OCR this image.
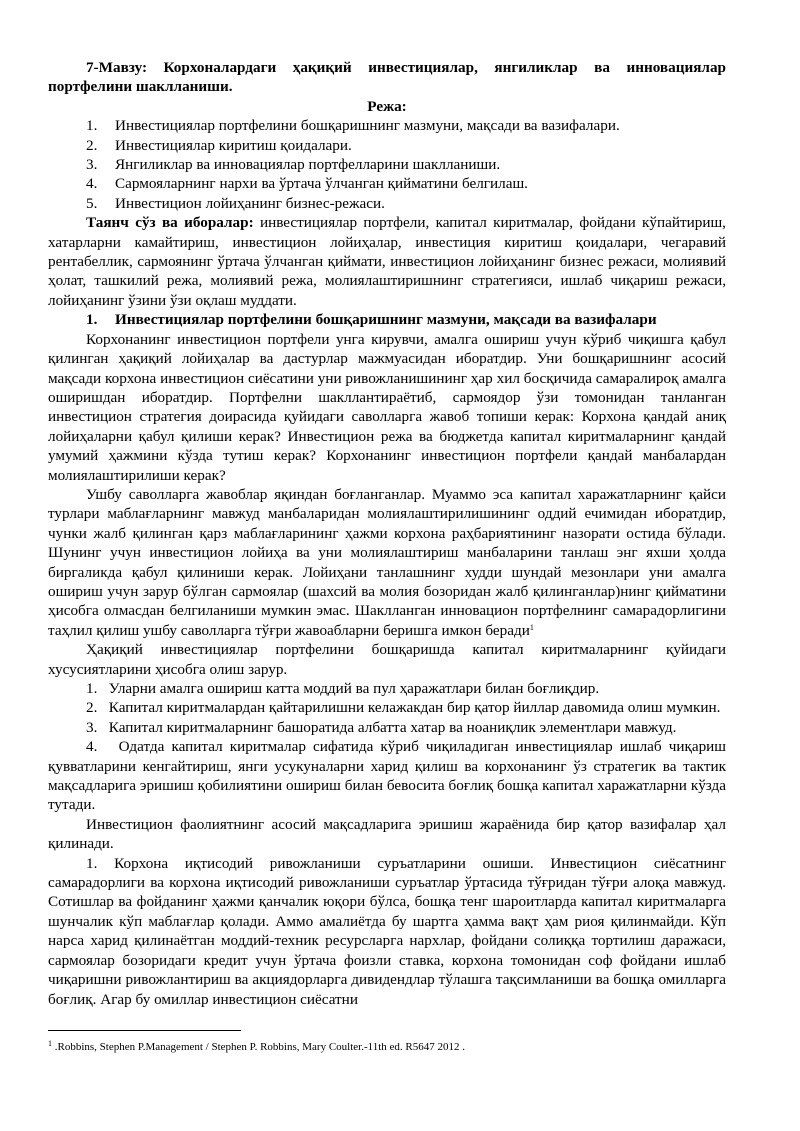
7-Мавзу: Корхоналардаги ҳақиқий инвестициялар, янгиликлар ва инновациялар портфелини шаклланиши.

Режа:

1.	Инвестициялар портфелини бошқаришнинг мазмуни, мақсади ва вазифалари.
2.	Инвестициялар киритиш қоидалари.
3.	Янгиликлар ва инновациялар портфелларини шаклланиши.
4.	Сармояларнинг нархи ва ўртача ўлчанган қийматини белгилаш.
5.	Инвестицион лойиҳанинг бизнес-режаси.

Таянч сўз ва иборалар: инвестициялар портфели, капитал киритмалар, фойдани кўпайтириш, хатарларни камайтириш, инвестицион лойиҳалар, инвестиция киритиш қоидалари, чегаравий рентабеллик, сармоянинг ўртача ўлчанган қиймати, инвестицион лойиҳанинг бизнес режаси, молиявий ҳолат, ташкилий режа, молиявий режа, молиялаштиришнинг стратегияси, ишлаб чиқариш режаси, лойиҳанинг ўзини ўзи оқлаш муддати.

1.	Инвестициялар портфелини бошқаришнинг мазмуни, мақсади ва вазифалари

Корхонанинг инвестицион портфели унга кирувчи, амалга ошириш учун кўриб чиқишга қабул қилинган ҳақиқий лойиҳалар ва дастурлар мажмуасидан иборатдир. Уни бошқаришнинг асосий мақсади корхона инвестицион сиёсатини уни ривожланишининг ҳар хил босқичида самаралироқ амалга оширишдан иборатдир. Портфелни шакллантираётиб, сармоядор ўзи томонидан танланган инвестицион стратегия доирасида қуйидаги саволларга жавоб топиши керак: Корхона қандай аниқ лойиҳаларни қабул қилиши керак? Инвестицион режа ва бюджетда капитал киритмаларнинг қандай умумий ҳажмини кўзда тутиш керак? Корхонанинг инвестицион портфели қандай манбалардан молиялаштирилиши керак?

Ушбу саволларга жавоблар яқиндан боғланганлар. Муаммо эса капитал харажатларнинг қайси турлари маблағларнинг мавжуд манбаларидан молиялаштирилишининг оддий ечимидан иборатдир, чунки жалб қилинган қарз маблағларининг ҳажми корхона раҳбариятининг назорати остида бўлади. Шунинг учун инвестицион лойиҳа ва уни молиялаштириш манбаларини танлаш энг яхши ҳолда биргаликда қабул қилиниши керак. Лойиҳани танлашнинг худди шундай мезонлари уни амалга ошириш учун зарур бўлган сармоялар (шахсий ва молия бозоридан жалб қилинганлар)нинг қийматини ҳисобга олмасдан белгиланиши мумкин эмас. Шаклланган инновацион портфелнинг самарадорлигини таҳлил қилиш ушбу саволларга тўғри жавоабларни беришга имкон беради$^1$

Ҳақиқий инвестициялар портфелини бошқаришда капитал киритмаларнинг қуйидаги хусусиятларини ҳисобга олиш зарур.

1. Уларни амалга ошириш катта моддий ва пул ҳаражатлари билан боғлиқдир.

2. Капитал киритмалардан қайтарилишни келажакдан бир қатор йиллар давомида олиш мумкин.

3. Капитал киритмаларнинг башоратида албатта хатар ва ноаниқлик элементлари мавжуд.

4. Одатда капитал киритмалар сифатида кўриб чиқиладиган инвестициялар ишлаб чиқариш қувватларини кенгайтириш, янги усукуналарни харид қилиш ва корхонанинг ўз стратегик ва тактик мақсадларига эришиш қобилиятини ошириш билан бевосита боғлиқ бошқа капитал харажатларни кўзда тутади.

Инвестицион фаолиятнинг асосий мақсадларига эришиш жараёнида бир қатор вазифалар ҳал қилинади.

1. Корхона иқтисодий ривожланиши суръатларини ошиши. Инвестицион сиёсатнинг самарадорлиги ва корхона иқтисодий ривожланиши суръатлар ўртасида тўғридан тўғри алоқа мавжуд. Сотишлар ва фойданинг ҳажми қанчалик юқори бўлса, бошқа тенг шароитларда капитал киритмаларга шунчалик кўп маблағлар қолади. Аммо амалиётда бу шартга ҳамма вақт ҳам риоя қилинмайди. Кўп нарса харид қилинаётган моддий-техник ресурсларга нархлар, фойдани солиққа тортилиш даражаси, сармоялар бозоридаги кредит учун ўртача фоизли ставка, корхона томонидан соф фойдани ишлаб чиқаришни ривожлантириш ва акциядорларга дивидендлар тўлашга тақсимланиши ва бошқа омилларга боғлиқ. Агар бу омиллар инвестицион сиёсатни

$^1$ .Robbins, Stephen P.Management / Stephen P. Robbins, Mary Coulter.-11th ed. R5647 2012 .
